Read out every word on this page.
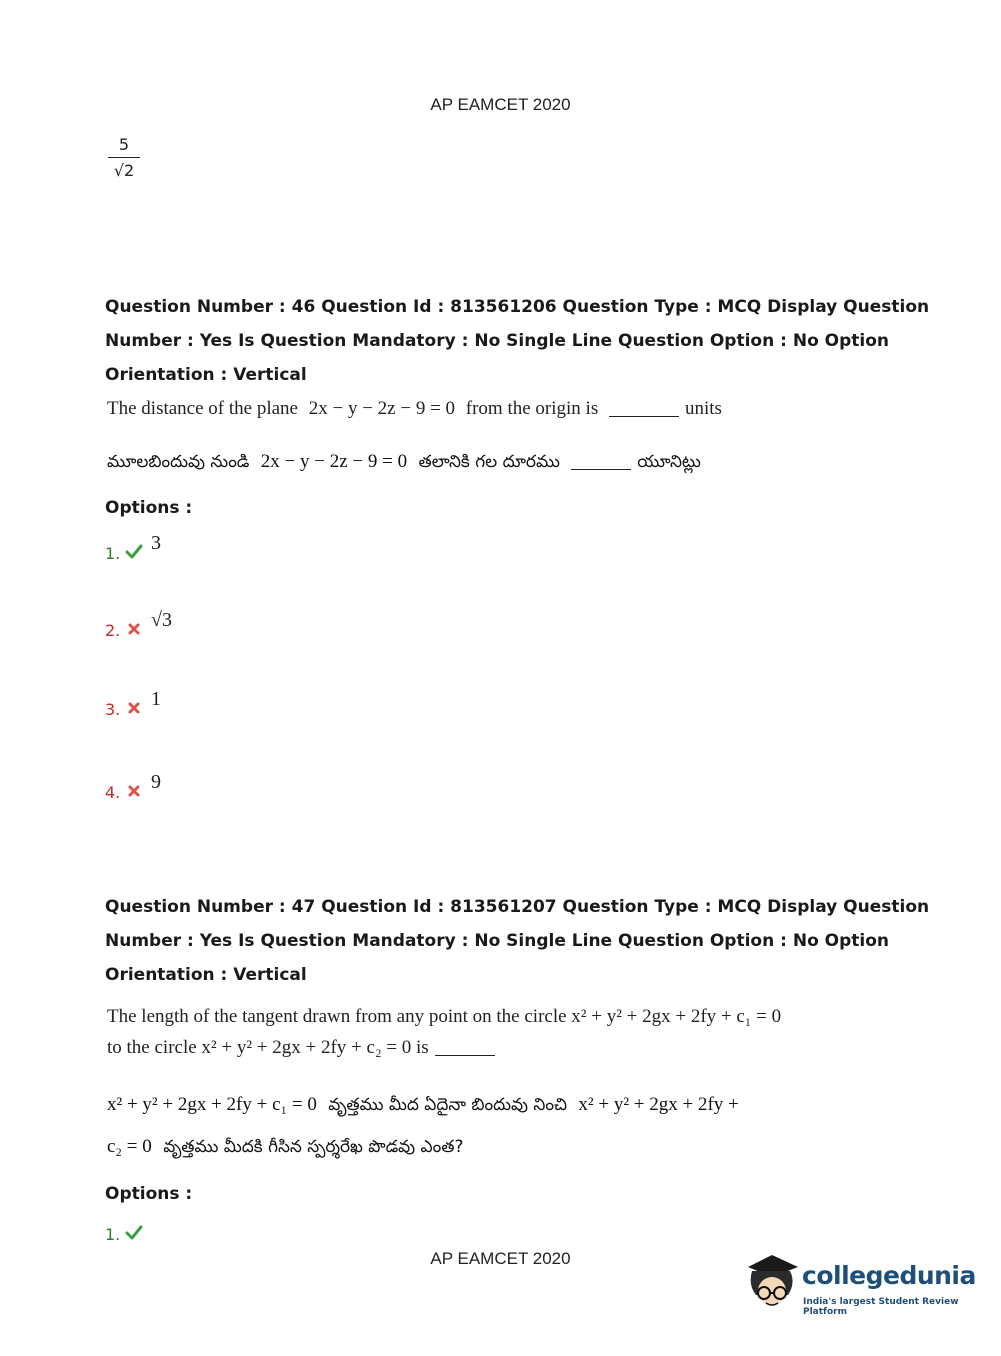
AP EAMCET 2020
5
√2
Question Number : 46 Question Id : 813561206 Question Type : MCQ Display Question
Number : Yes Is Question Mandatory : No Single Line Question Option : No Option
Orientation : Vertical
The distance of the plane 2x − y − 2z − 9 = 0 from the origin is	units
మూలబిందువు నుండి 2x − y − 2z − 9 = 0 తలానికి గల దూరము	యూనిట్లు
Options :
1. 3
2. √3
3. 1
4. 9
Question Number : 47 Question Id : 813561207 Question Type : MCQ Display Question
Number : Yes Is Question Mandatory : No Single Line Question Option : No Option
Orientation : Vertical
The length of the tangent drawn from any point on the circle x² + y² + 2gx + 2fy + c₁ = 0
to the circle x² + y² + 2gx + 2fy + c₂ = 0 is
x² + y² + 2gx + 2fy + c₁ = 0 వృత్తము మీద ఏదైనా బిందువు నించి x² + y² + 2gx + 2fy +
c₂ = 0 వృత్తము మీదకి గీసిన స్పర్శరేఖ పొడవు ఎంత?
Options :
1.
AP EAMCET 2020
collegedunia
India's largest Student Review Platform
